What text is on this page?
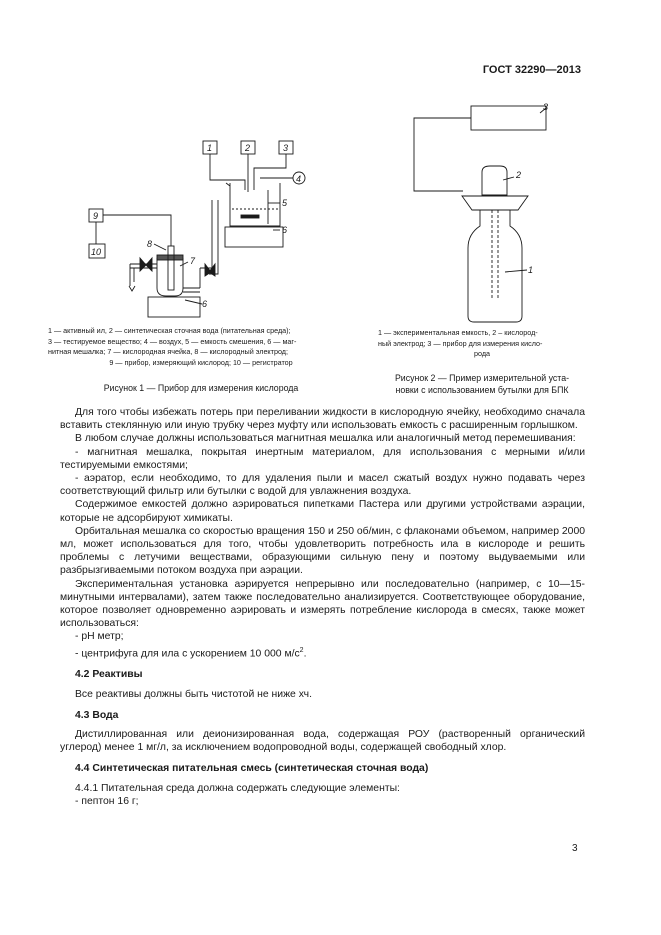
ГОСТ 32290—2013
1	2	3
4
5
6
6
7
8
9
10
3
2
1
1 — активный ил, 2 — синтетическая сточная вода (питательная среда);
3 — тестируемое вещество; 4 — воздух, 5 — емкость смешения, 6 — маг-
нитная мешалка; 7 — кислородная ячейка, 8 — кислородный электрод;
9 — прибор, измеряющий кислород; 10 — регистратор
Рисунок 1 — Прибор для измерения кислорода
1 — экспериментальная емкость, 2 – кислород-
ный электрод; 3 — прибор для измерения кисло-
рода
Рисунок 2 — Пример измерительной уста-
новки с использованием бутылки для БПК

Для того чтобы избежать потерь при переливании жидкости в кислородную ячейку, необходимо сначала вставить стеклянную или иную трубку через муфту или использовать емкость с расширенным горлышком.

В любом случае должны использоваться магнитная мешалка или аналогичный метод перемешивания:

- магнитная мешалка, покрытая инертным материалом, для использования с мерными и/или тестируемыми емкостями;

- аэратор, если необходимо, то для удаления пыли и масел сжатый воздух нужно подавать через соответствующий фильтр или бутылки с водой для увлажнения воздуха.

Содержимое емкостей должно аэрироваться пипетками Пастера или другими устройствами аэрации, которые не адсорбируют химикаты.

Орбитальная мешалка со скоростью вращения 150 и 250 об/мин, с флаконами объемом, например 2000 мл, может использоваться для того, чтобы удовлетворить потребность ила в кислороде и решить проблемы с летучими веществами, образующими сильную пену и поэтому выдуваемыми или разбрызгиваемыми потоком воздуха при аэрации.

Экспериментальная установка аэрируется непрерывно или последовательно (например, с 10—15-минутными интервалами), затем также последовательно анализируется. Соответствующее оборудование, которое позволяет одновременно аэрировать и измерять потребление кислорода в смесях, также может использоваться:

- pH метр;

- центрифуга для ила с ускорением 10 000 $м/с^2$.

4.2 Реактивы

Все реактивы должны быть чистотой не ниже хч.

4.3 Вода

Дистиллированная или деионизированная вода, содержащая РОУ (растворенный органический углерод) менее 1 мг/л, за исключением водопроводной воды, содержащей свободный хлор.

4.4 Синтетическая питательная смесь (синтетическая сточная вода)

4.4.1 Питательная среда должна содержать следующие элементы:

- пептон 16 г;

3
